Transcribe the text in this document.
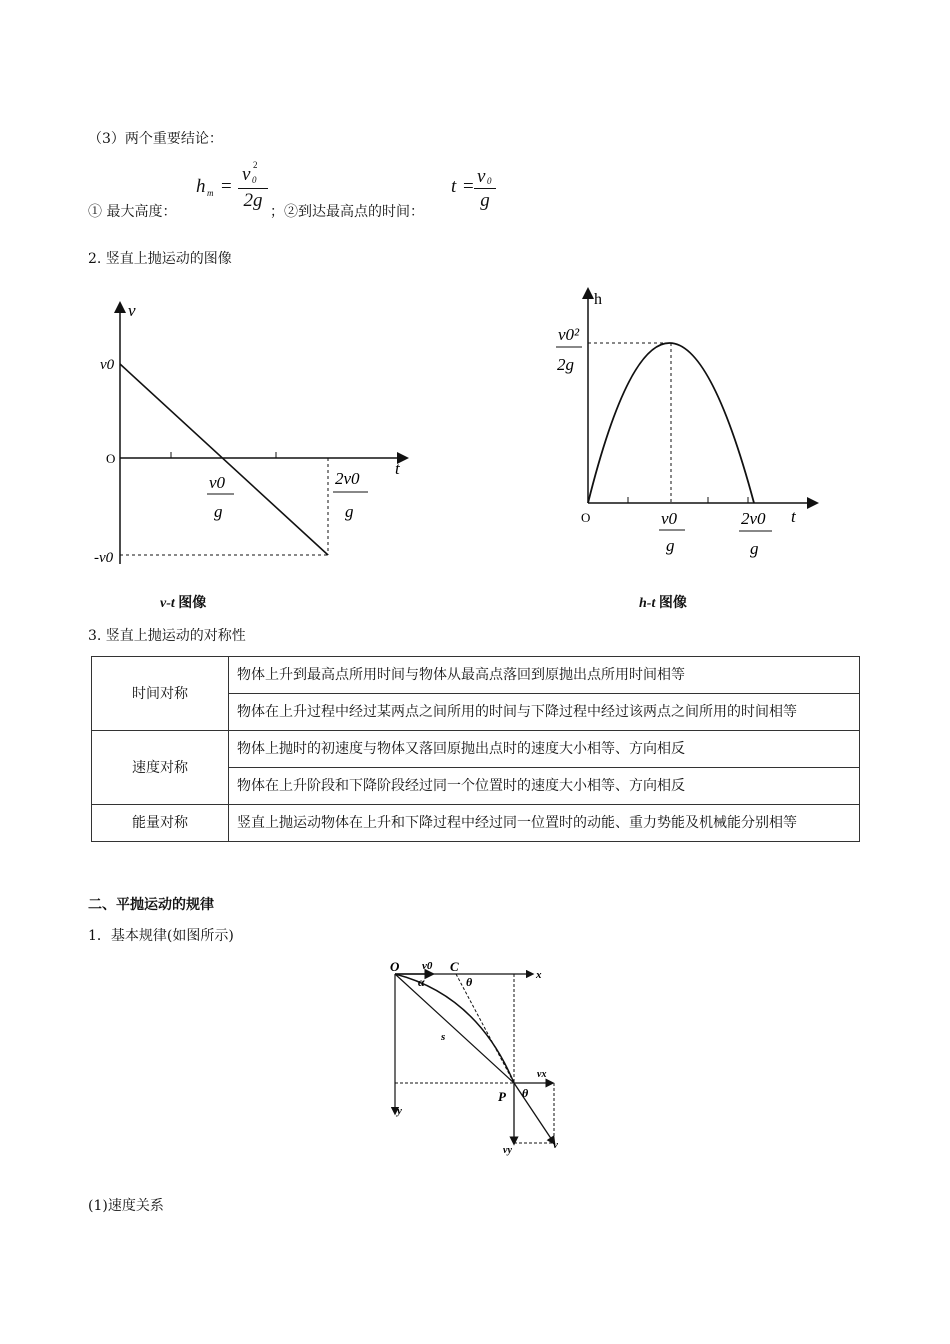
（3）两个重要结论：
① 最大高度：
h m =
v 0
2
2g
；②到达最高点的时间：
t = v 0
g
2. 竖直上抛运动的图像
v
t
O
v0
-v0
v0
g
2v0
g
v-t 图像
h
t
O
v0²
2g
v0
g
2v0
g
h-t 图像
3. 竖直上抛运动的对称性
时间对称	物体上升到最高点所用时间与物体从最高点落回到原抛出点所用时间相等
	物体在上升过程中经过某两点之间所用的时间与下降过程中经过该两点之间所用的时间相等
速度对称	物体上抛时的初速度与物体又落回原抛出点时的速度大小相等、方向相反
	物体在上升阶段和下降阶段经过同一个位置时的速度大小相等、方向相反
能量对称	竖直上抛运动物体在上升和下降过程中经过同一位置时的动能、重力势能及机械能分别相等
二、平抛运动的规律
1．基本规律(如图所示)
O v0 C
x
α	θ
s
P θ
vx
y
vy	v
(1)速度关系
